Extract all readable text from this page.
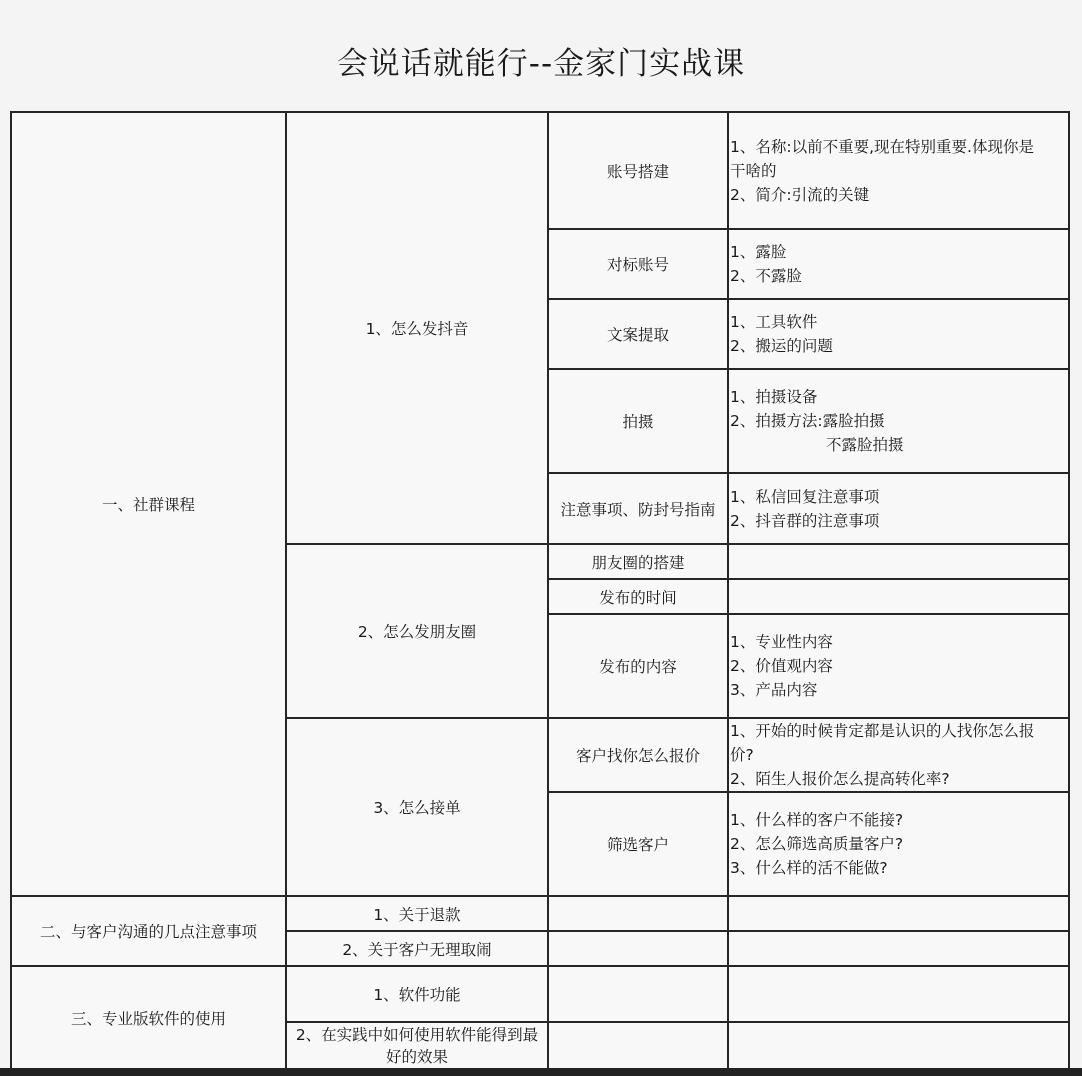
会说话就能行--金家门实战课
一、社群课程	1、怎么发抖音	账号搭建	1、名称:以前不重要,现在特别重要.体现你是
干啥的
2、简介:引流的关键

		对标账号	1、露脸
2、不露脸

		文案提取	1、工具软件
2、搬运的问题

		拍摄	1、拍摄设备
2、拍摄方法:露脸拍摄
不露脸拍摄

		注意事项、防封号指南	1、私信回复注意事项
2、抖音群的注意事项

	2、怎么发朋友圈	朋友圈的搭建	
		发布的时间	
		发布的内容	1、专业性内容
2、价值观内容
3、产品内容

	3、怎么接单	客户找你怎么报价	1、开始的时候肯定都是认识的人找你怎么报
价?
2、陌生人报价怎么提高转化率?

		筛选客户	1、什么样的客户不能接?
2、怎么筛选高质量客户?
3、什么样的活不能做?

二、与客户沟通的几点注意事项	1、关于退款		
	2、关于客户无理取闹		
三、专业版软件的使用	1、软件功能		

	2、在实践中如何使用软件能得到最
好的效果		
